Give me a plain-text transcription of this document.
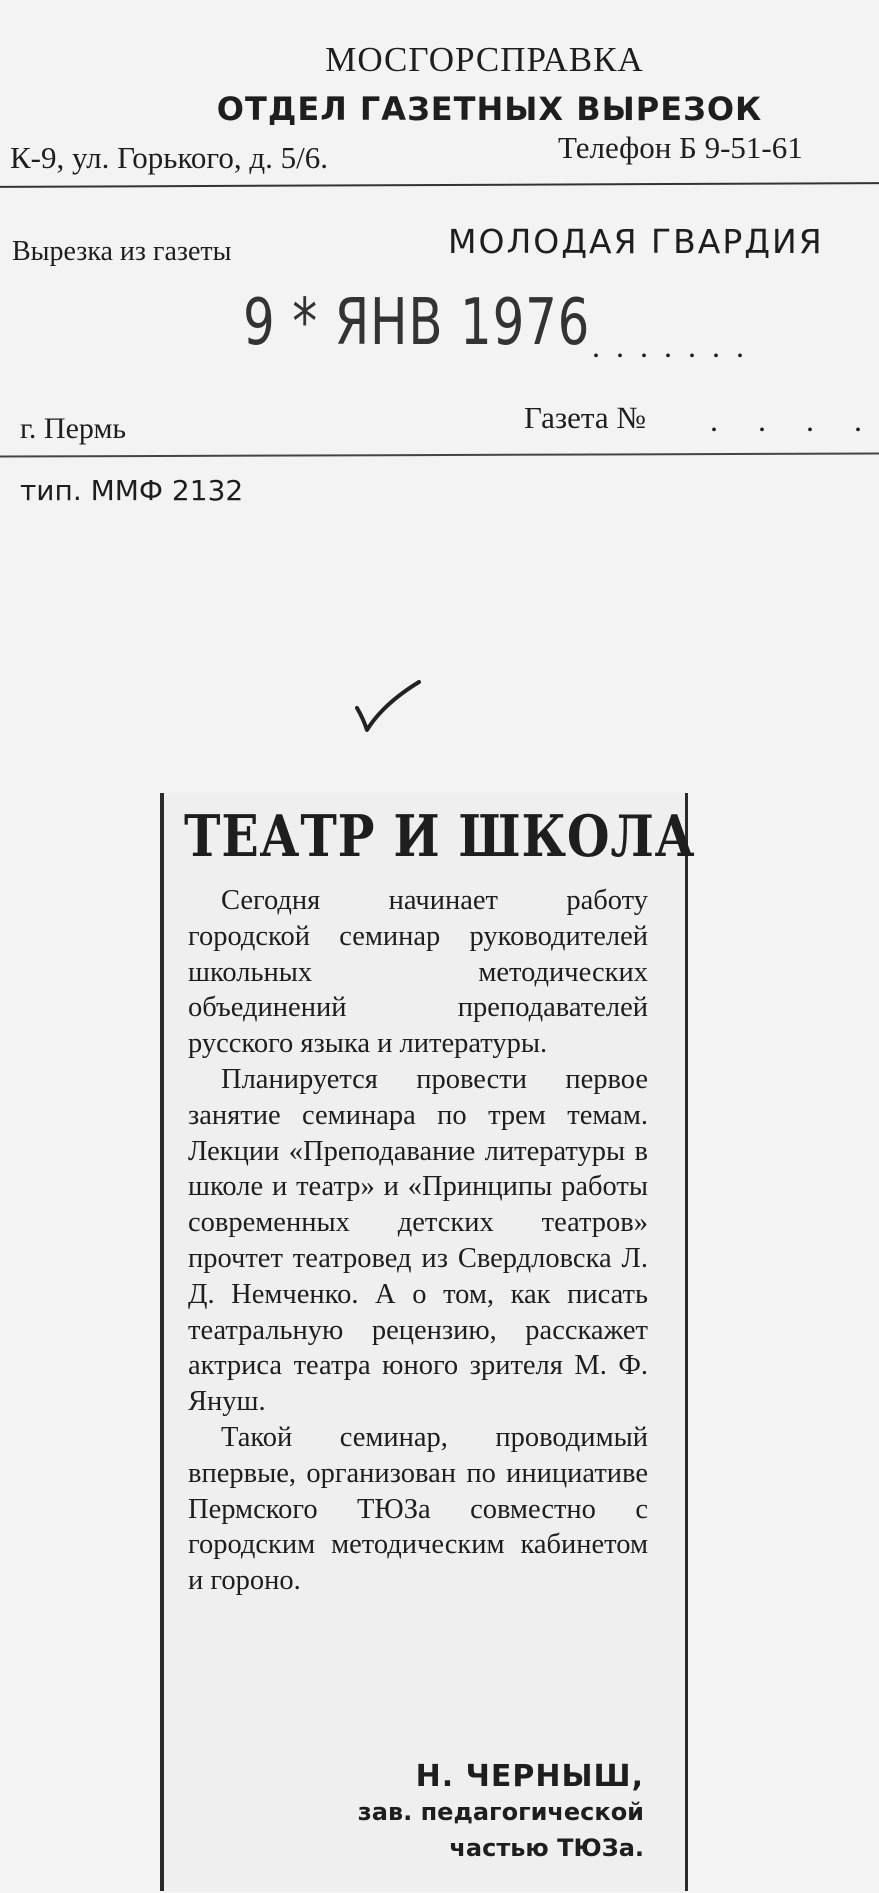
МОСГОРСПРАВКА
ОТДЕЛ ГАЗЕТНЫХ ВЫРЕЗОК
К-9, ул. Горького, д. 5/6.	Телефон Б 9-51-61
Вырезка из газеты	МОЛОДАЯ ГВАРДИЯ
9 * ЯНВ 1976 .......
г. Пермь	Газета № . . . .
тип. ММФ 2132
ТЕАТР И ШКОЛА

Сегодня начинает работу городской семинар руководителей школьных методических объединений преподавателей русского языка и литературы.

Планируется провести первое занятие семинара по трем темам. Лекции «Преподавание литературы в школе и театр» и «Принципы работы современных детских театров» прочтет театровед из Свердловска Л. Д. Немченко. А о том, как писать театральную рецензию, расскажет актриса театра юного зрителя М. Ф. Януш.

Такой семинар, проводимый впервые, организован по инициативе Пермского ТЮЗа совместно с городским методическим кабинетом и гороно.

Н. ЧЕРНЫШ,
зав. педагогической
частью ТЮЗа.
